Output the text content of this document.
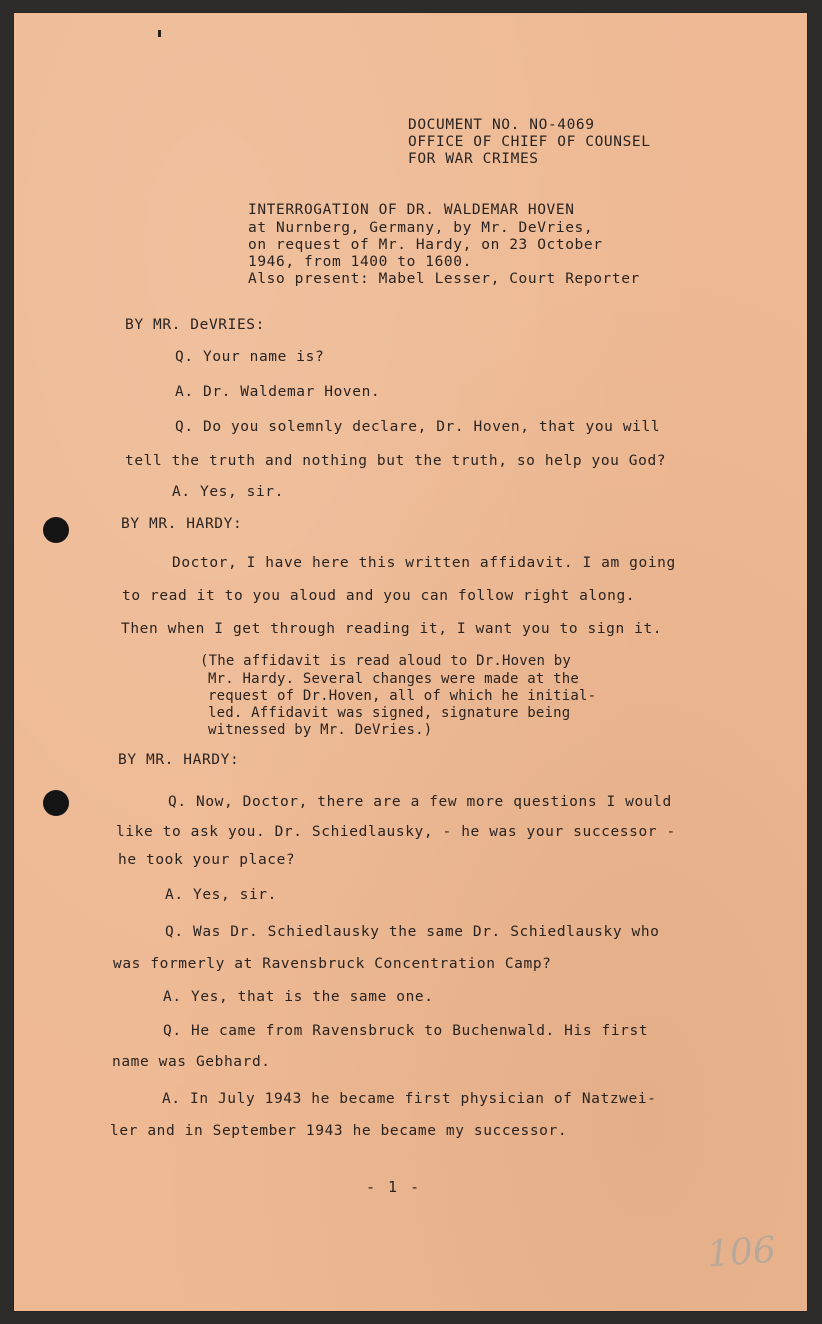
DOCUMENT NO. NO-4069
OFFICE OF CHIEF OF COUNSEL
FOR WAR CRIMES
INTERROGATION OF DR. WALDEMAR HOVEN
at Nurnberg, Germany, by Mr. DeVries,
on request of Mr. Hardy, on 23 October
1946, from 1400 to 1600.
Also present: Mabel Lesser, Court Reporter
BY MR. DeVRIES:
Q. Your name is?
A. Dr. Waldemar Hoven.
Q. Do you solemnly declare, Dr. Hoven, that you will
tell the truth and nothing but the truth, so help you God?
A. Yes, sir.
BY MR. HARDY:
Doctor, I have here this written affidavit. I am going
to read it to you aloud and you can follow right along.
Then when I get through reading it, I want you to sign it.
(The affidavit is read aloud to Dr.Hoven by
Mr. Hardy. Several changes were made at the
request of Dr.Hoven, all of which he initial-
led. Affidavit was signed, signature being
witnessed by Mr. DeVries.)
BY MR. HARDY:
Q. Now, Doctor, there are a few more questions I would
like to ask you. Dr. Schiedlausky, - he was your successor -
he took your place?
A. Yes, sir.
Q. Was Dr. Schiedlausky the same Dr. Schiedlausky who
was formerly at Ravensbruck Concentration Camp?
A. Yes, that is the same one.
Q. He came from Ravensbruck to Buchenwald. His first
name was Gebhard.
A. In July 1943 he became first physician of Natzwei-
ler and in September 1943 he became my successor.
- 1 -
106
